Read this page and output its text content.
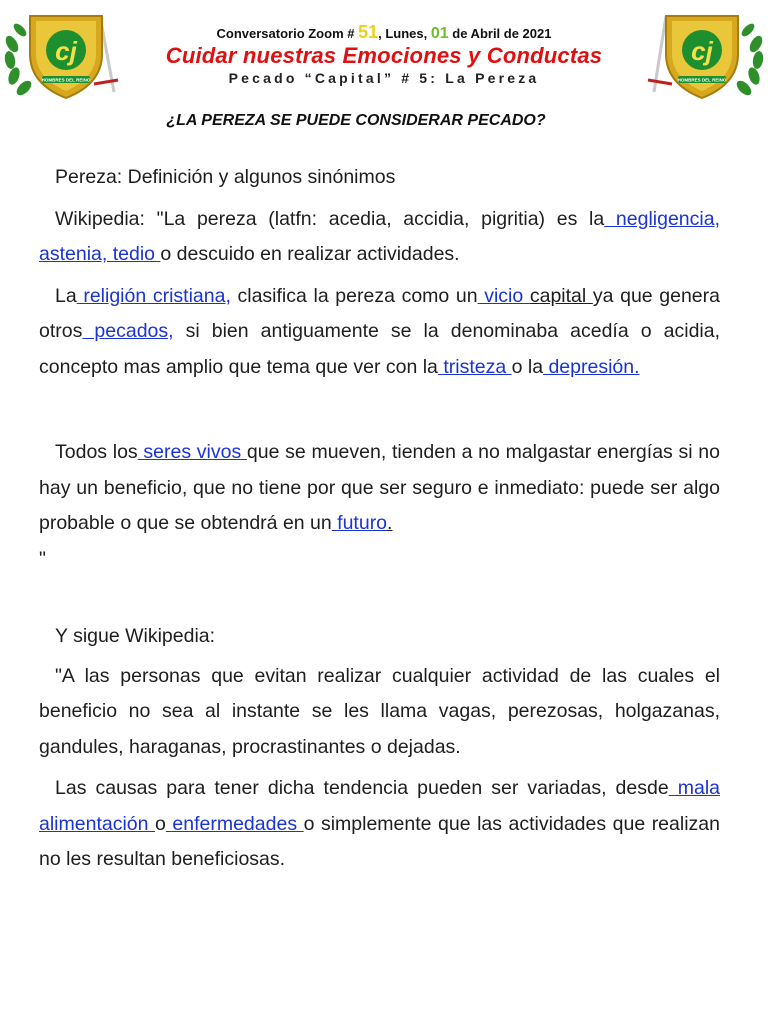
cj
HOMBRES DEL REINO
Conversatorio Zoom # 51, Lunes, 01 de Abril de 2021
Cuidar nuestras Emociones y Conductas
Pecado “Capital” # 5: La Pereza
cj
HOMBRES DEL REINO
¿LA PEREZA SE PUEDE CONSIDERAR PECADO?

Pereza: Definición y algunos sinónimos

Wikipedia: "La pereza (latfn: acedia, accidia, pigritia) es la negligencia, astenia, tedio o descuido en realizar actividades.

La religión cristiana, clasifica la pereza como un vicio capital ya que genera otros pecados, si bien antiguamente se la denominaba acedía o acidia, concepto mas amplio que tema que ver con la tristeza o la depresión.

Todos los seres vivos que se mueven, tienden a no malgastar energías si no hay un beneficio, que no tiene por que ser seguro e inmediato: puede ser algo probable o que se obtendrá en un futuro.
"

Y sigue Wikipedia:

"A las personas que evitan realizar cualquier actividad de las cuales el beneficio no sea al instante se les llama vagas, perezosas, holgazanas, gandules, haraganas, procrastinantes o dejadas.

Las causas para tener dicha tendencia pueden ser variadas, desde mala alimentación o enfermedades o simplemente que las actividades que realizan no les resultan beneficiosas.
